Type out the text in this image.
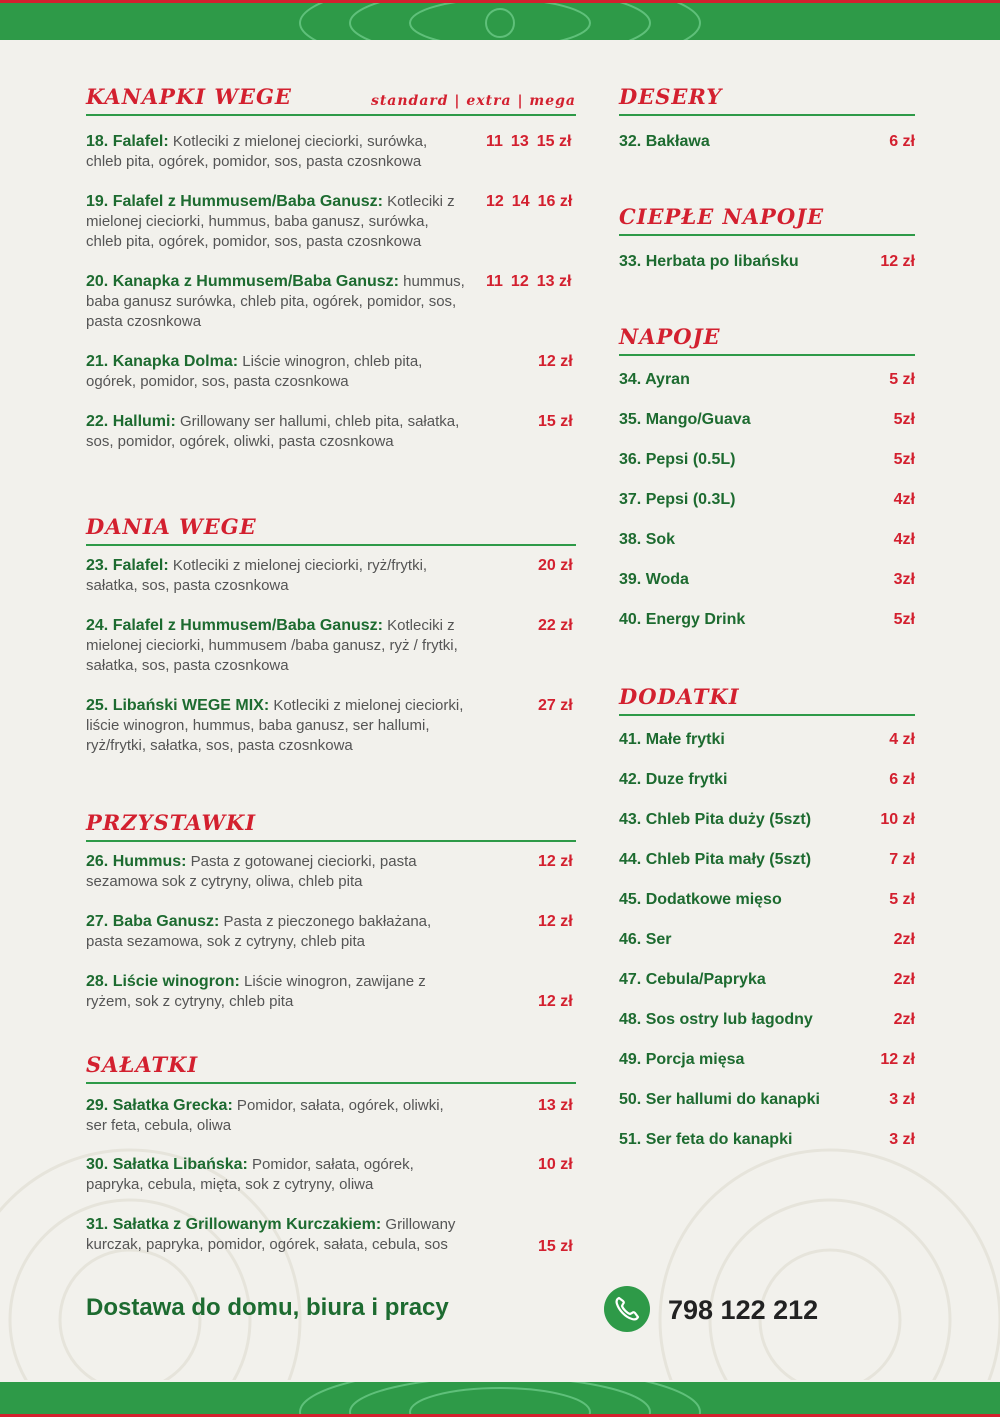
KANAPKI WEGE	standard | extra | mega
18. Falafel: Kotleciki z mielonej cieciorki, surówka, chleb pita, ogórek, pomidor, sos, pasta czosnkowa
11 13 15 zł
19. Falafel z Hummusem/Baba Ganusz: Kotleciki z mielonej cieciorki, hummus, baba ganusz, surówka, chleb pita, ogórek, pomidor, sos, pasta czosnkowa
12 14 16 zł
20. Kanapka z Hummusem/Baba Ganusz: hummus, baba ganusz surówka, chleb pita, ogórek, pomidor, sos, pasta czosnkowa
11 12 13 zł
21. Kanapka Dolma: Liście winogron, chleb pita, ogórek, pomidor, sos, pasta czosnkowa
12 zł
22. Hallumi: Grillowany ser hallumi, chleb pita, sałatka, sos, pomidor, ogórek, oliwki, pasta czosnkowa
15 zł
DANIA WEGE
23. Falafel: Kotleciki z mielonej cieciorki, ryż/frytki, sałatka, sos, pasta czosnkowa
20 zł
24. Falafel z Hummusem/Baba Ganusz: Kotleciki z mielonej cieciorki, hummusem /baba ganusz, ryż / frytki, sałatka, sos, pasta czosnkowa
22 zł
25. Libański WEGE MIX: Kotleciki z mielonej cieciorki, liście winogron, hummus, baba ganusz, ser hallumi, ryż/frytki, sałatka, sos, pasta czosnkowa
27 zł
PRZYSTAWKI
26. Hummus: Pasta z gotowanej cieciorki, pasta sezamowa sok z cytryny, oliwa, chleb pita
12 zł
27. Baba Ganusz: Pasta z pieczonego bakłażana, pasta sezamowa, sok z cytryny, chleb pita
12 zł
28. Liście winogron: Liście winogron, zawijane z ryżem, sok z cytryny, chleb pita	12 zł
SAŁATKI
29. Sałatka Grecka: Pomidor, sałata, ogórek, oliwki, ser feta, cebula, oliwa
13 zł
30. Sałatka Libańska: Pomidor, sałata, ogórek, papryka, cebula, mięta, sok z cytryny, oliwa
10 zł
31. Sałatka z Grillowanym Kurczakiem: Grillowany kurczak, papryka, pomidor, ogórek, sałata, cebula, sos	15 zł
DESERY
32. Bakława	6 zł
CIEPŁE NAPOJE
33. Herbata po libańsku	12 zł
NAPOJE
34. Ayran	5 zł
35. Mango/Guava	5zł
36. Pepsi (0.5L)	5zł
37. Pepsi (0.3L)	4zł
38. Sok	4zł
39. Woda	3zł
40. Energy Drink	5zł
DODATKI
41. Małe frytki	4 zł
42. Duze frytki	6 zł
43. Chleb Pita duży (5szt)	10 zł
44. Chleb Pita mały (5szt)	7 zł
45. Dodatkowe mięso	5 zł
46. Ser	2zł
47. Cebula/Papryka	2zł
48. Sos ostry lub łagodny	2zł
49. Porcja mięsa	12 zł
50. Ser hallumi do kanapki	3 zł
51. Ser feta do kanapki	3 zł
Dostawa do domu, biura i pracy	798 122 212
